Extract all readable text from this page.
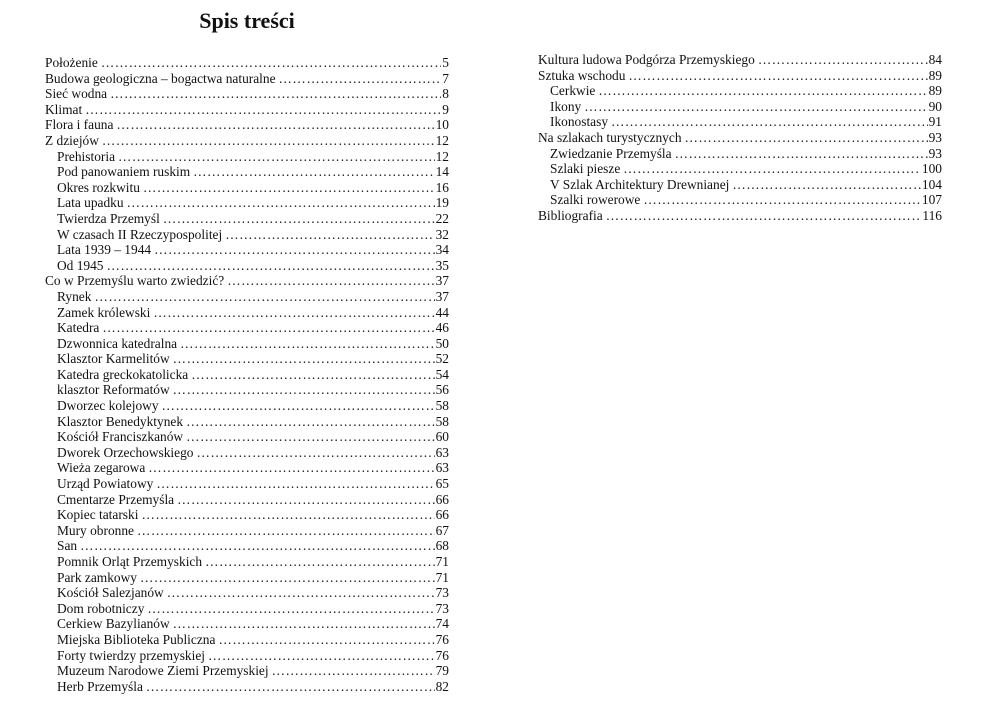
Spis treści
Położenie ……………………………………………………………………………………………………………………	5
Budowa geologiczna – bogactwa naturalne ……………………………………………………………………………………………………………………	7
Sieć wodna ……………………………………………………………………………………………………………………	8
Klimat ……………………………………………………………………………………………………………………	9
Flora i fauna ……………………………………………………………………………………………………………………	10
Z dziejów ……………………………………………………………………………………………………………………	12
Prehistoria ……………………………………………………………………………………………………………………	12
Pod panowaniem ruskim ……………………………………………………………………………………………………………………	14
Okres rozkwitu ……………………………………………………………………………………………………………………	16
Lata upadku ……………………………………………………………………………………………………………………	19
Twierdza Przemyśl ……………………………………………………………………………………………………………………	22
W czasach II Rzeczypospolitej ……………………………………………………………………………………………………………………	32
Lata 1939 – 1944 ……………………………………………………………………………………………………………………	34
Od 1945 ……………………………………………………………………………………………………………………	35
Co w Przemyślu warto zwiedzić? ……………………………………………………………………………………………………………………	37
Rynek ……………………………………………………………………………………………………………………	37
Zamek królewski ……………………………………………………………………………………………………………………	44
Katedra ……………………………………………………………………………………………………………………	46
Dzwonnica katedralna ……………………………………………………………………………………………………………………	50
Klasztor Karmelitów ……………………………………………………………………………………………………………………	52
Katedra greckokatolicka ……………………………………………………………………………………………………………………	54
klasztor Reformatów ……………………………………………………………………………………………………………………	56
Dworzec kolejowy ……………………………………………………………………………………………………………………	58
Klasztor Benedyktynek ……………………………………………………………………………………………………………………	58
Kościół Franciszkanów ……………………………………………………………………………………………………………………	60
Dworek Orzechowskiego ……………………………………………………………………………………………………………………	63
Wieża zegarowa ……………………………………………………………………………………………………………………	63
Urząd Powiatowy ……………………………………………………………………………………………………………………	65
Cmentarze Przemyśla ……………………………………………………………………………………………………………………	66
Kopiec tatarski ……………………………………………………………………………………………………………………	66
Mury obronne ……………………………………………………………………………………………………………………	67
San ……………………………………………………………………………………………………………………	68
Pomnik Orląt Przemyskich ……………………………………………………………………………………………………………………	71
Park zamkowy ……………………………………………………………………………………………………………………	71
Kościół Salezjanów ……………………………………………………………………………………………………………………	73
Dom robotniczy ……………………………………………………………………………………………………………………	73
Cerkiew Bazylianów ……………………………………………………………………………………………………………………	74
Miejska Biblioteka Publiczna ……………………………………………………………………………………………………………………	76
Forty twierdzy przemyskiej ……………………………………………………………………………………………………………………	76
Muzeum Narodowe Ziemi Przemyskiej ……………………………………………………………………………………………………………………	79
Herb Przemyśla ……………………………………………………………………………………………………………………	82
Kultura ludowa Podgórza Przemyskiego ……………………………………………………………………………………………………………………	84
Sztuka wschodu ……………………………………………………………………………………………………………………	89
Cerkwie ……………………………………………………………………………………………………………………	89
Ikony ……………………………………………………………………………………………………………………	90
Ikonostasy ……………………………………………………………………………………………………………………	91
Na szlakach turystycznych ……………………………………………………………………………………………………………………	93
Zwiedzanie Przemyśla ……………………………………………………………………………………………………………………	93
Szlaki piesze ……………………………………………………………………………………………………………………	100
V Szlak Architektury Drewnianej ……………………………………………………………………………………………………………………	104
Szalki rowerowe ……………………………………………………………………………………………………………………	107
Bibliografia ……………………………………………………………………………………………………………………	116
